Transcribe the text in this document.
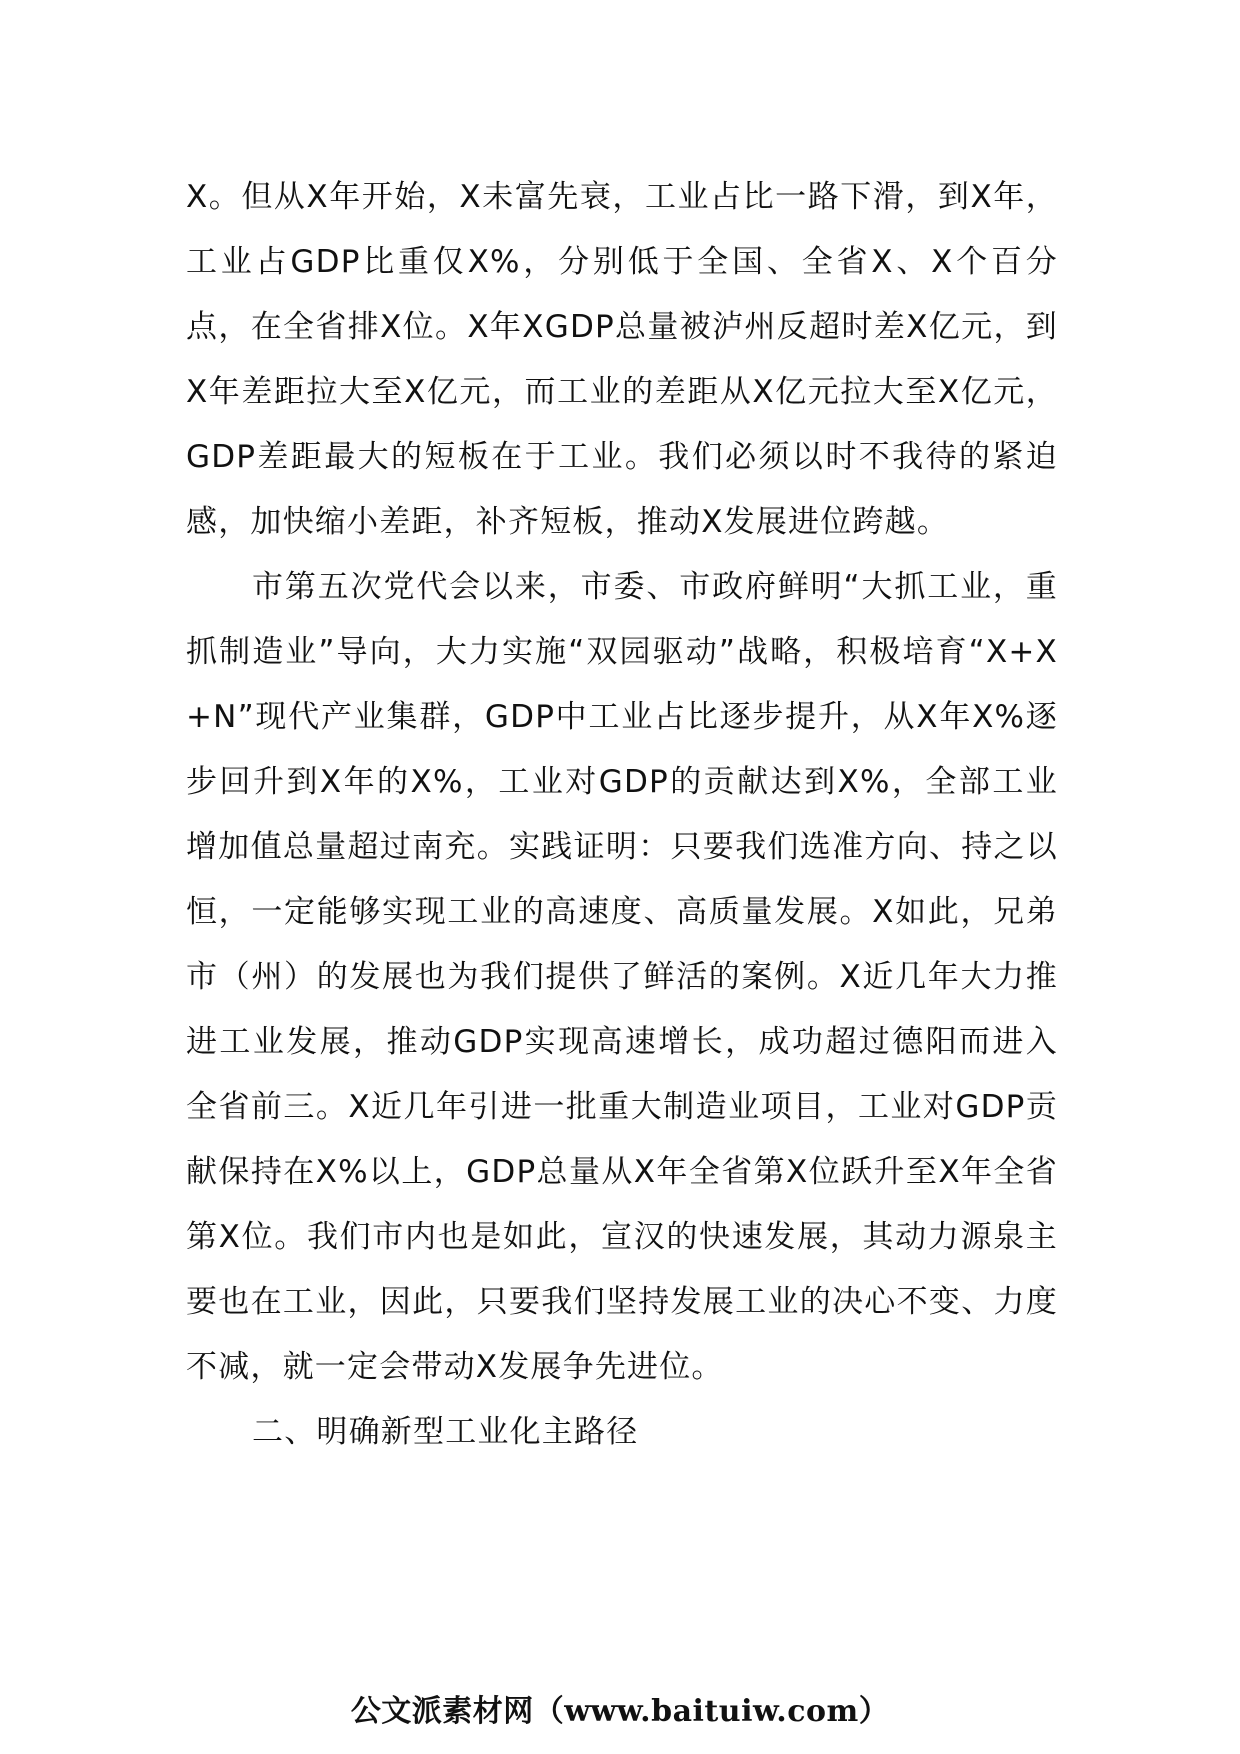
X。但从X年开始，X未富先衰，工业占比一路下滑，到X年，工业占GDP比重仅X%，分别低于全国、全省X、X个百分点，在全省排X位。X年XGDP总量被泸州反超时差X亿元，到X年差距拉大至X亿元，而工业的差距从X亿元拉大至X亿元，GDP差距最大的短板在于工业。我们必须以时不我待的紧迫感，加快缩小差距，补齐短板，推动X发展进位跨越。

市第五次党代会以来，市委、市政府鲜明“大抓工业，重抓制造业”导向，大力实施“双园驱动”战略，积极培育“X+X+N”现代产业集群，GDP中工业占比逐步提升，从X年X%逐步回升到X年的X%，工业对GDP的贡献达到X%，全部工业增加值总量超过南充。实践证明：只要我们选准方向、持之以恒，一定能够实现工业的高速度、高质量发展。X如此，兄弟市（州）的发展也为我们提供了鲜活的案例。X近几年大力推进工业发展，推动GDP实现高速增长，成功超过德阳而进入全省前三。X近几年引进一批重大制造业项目，工业对GDP贡献保持在X%以上，GDP总量从X年全省第X位跃升至X年全省第X位。我们市内也是如此，宣汉的快速发展，其动力源泉主要也在工业，因此，只要我们坚持发展工业的决心不变、力度不减，就一定会带动X发展争先进位。

二、明确新型工业化主路径

公文派素材网（www.baituiw.com）
